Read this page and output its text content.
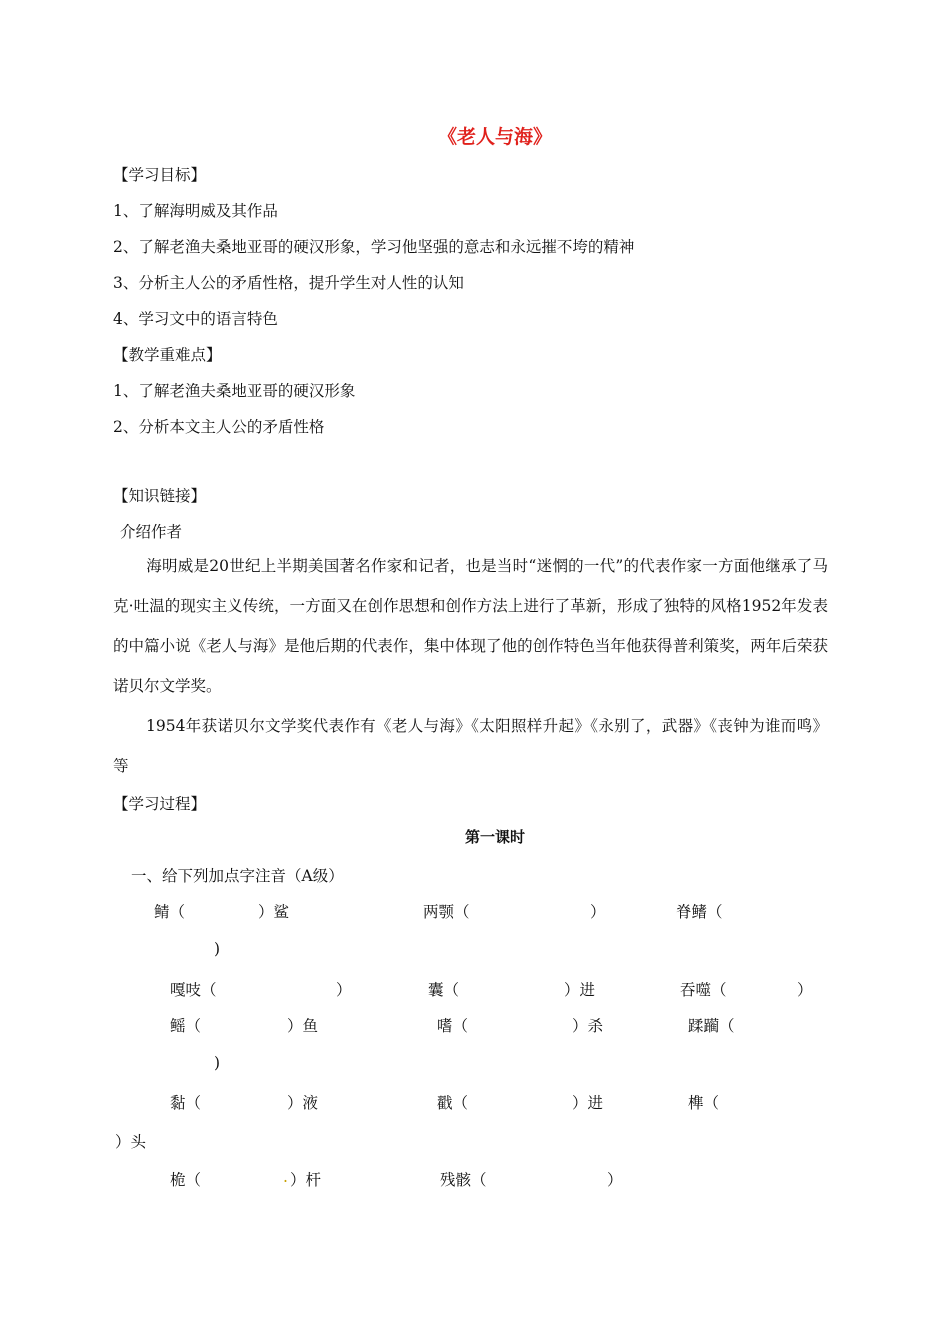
《老人与海》
【学习目标】
1、了解海明威及其作品
2、了解老渔夫桑地亚哥的硬汉形象，学习他坚强的意志和永远摧不垮的精神
3、分析主人公的矛盾性格，提升学生对人性的认知
4、学习文中的语言特色
【教学重难点】
1、了解老渔夫桑地亚哥的硬汉形象
2、分析本文主人公的矛盾性格
【知识链接】
介绍作者
海明威是20世纪上半期美国著名作家和记者，也是当时“迷惘的一代”的代表作家一方面他继承了马克·吐温的现实主义传统，一方面又在创作思想和创作方法上进行了革新，形成了独特的风格1952年发表的中篇小说《老人与海》是他后期的代表作，集中体现了他的创作特色当年他获得普利策奖，两年后荣获诺贝尔文学奖。
1954年获诺贝尔文学奖代表作有《老人与海》《太阳照样升起》《永别了，武器》《丧钟为谁而鸣》等
【学习过程】
第一课时
一、给下列加点字注音（A级）
鲭（	）鲨	两颚（	）	脊鳍（
)
嘎吱（	）	囊（	）进	吞噬（	）
鳐（	）鱼	嗜（	）杀	蹂躏（
)
黏（	）液	戳（	）进	榫（
）头
桅（	. ）杆	残骸（	）
